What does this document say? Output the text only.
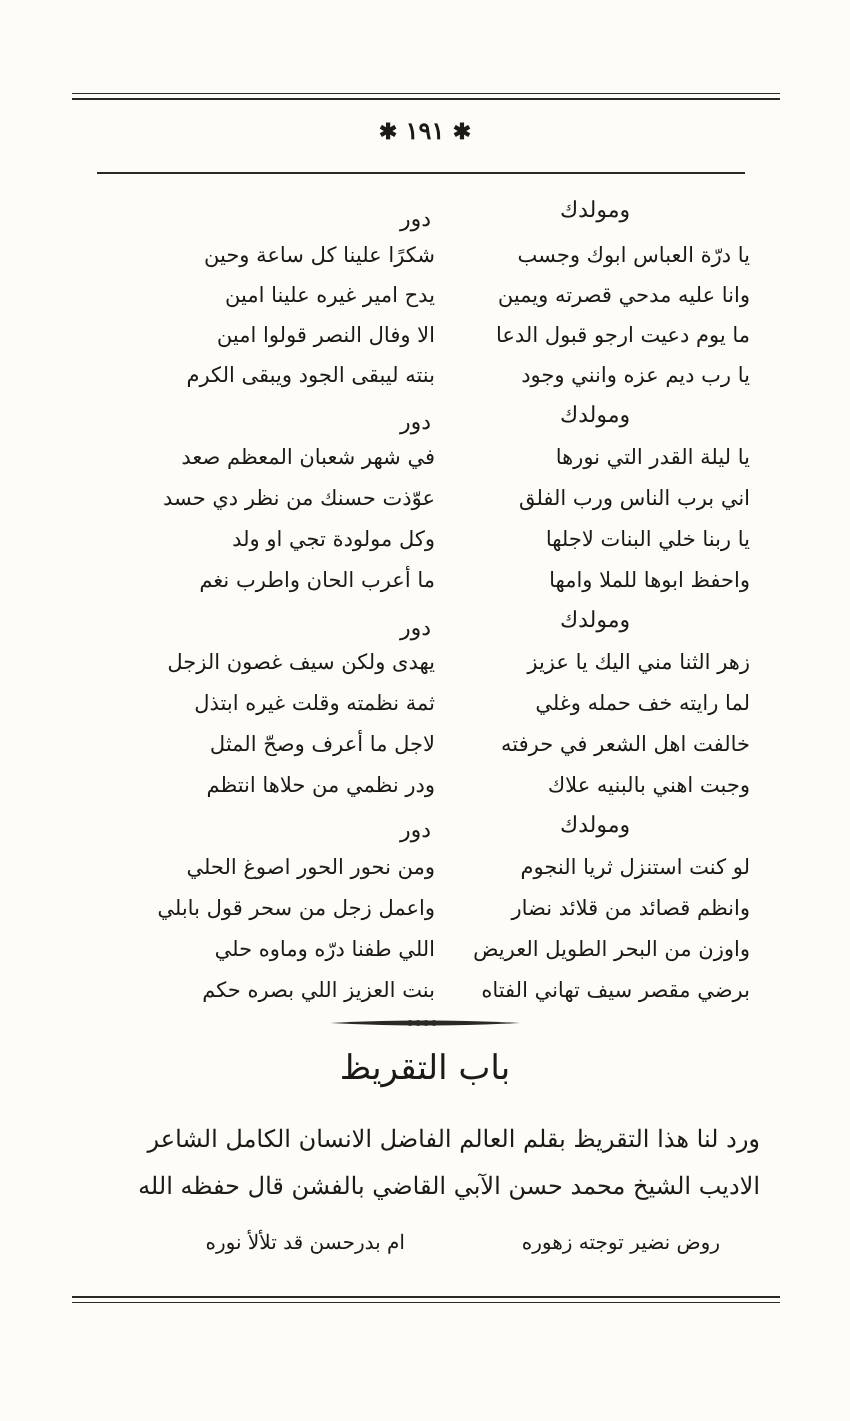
✱ ١٩١ ✱
ومولدك
دور
يا درّة العباس ابوك وجسب
شكرًا علينا كل ساعة وحين
وانا عليه مدحي قصرته ويمين
يدح امير غيره علينا امين
ما يوم دعيت ارجو قبول الدعا
الا وفال النصر قولوا امين
يا رب ديم عزه وانني وجود
بنته ليبقى الجود ويبقى الكرم
ومولدك
دور
يا ليلة القدر التي نورها
في شهر شعبان المعظم صعد
اني برب الناس ورب الفلق
عوّذت حسنك من نظر دي حسد
يا ربنا خلي البنات لاجلها
وكل مولودة تجي او ولد
واحفظ ابوها للملا وامها
ما أعرب الحان واطرب نغم
ومولدك
دور
زهر الثنا مني اليك يا عزيز
يهدى ولكن سيف غصون الزجل
لما رايته خف حمله وغلي
ثمة نظمته وقلت غيره ابتذل
خالفت اهل الشعر في حرفته
لاجل ما أعرف وصحّ المثل
وجبت اهني بالبنيه علاك
ودر نظمي من حلاها انتظم
ومولدك
دور
لو كنت استنزل ثريا النجوم
ومن نحور الحور اصوغ الحلي
وانظم قصائد من قلائد نضار
واعمل زجل من سحر قول بابلي
واوزن من البحر الطويل العريض
اللي طفنا درّه وماوه حلي
برضي مقصر سيف تهاني الفتاه
بنت العزيز اللي بصره حكم
باب التقريظ
ورد لنا هذا التقريظ بقلم العالم الفاضل الانسان الكامل الشاعر
الاديب الشيخ محمد حسن الآبي القاضي بالفشن قال حفظه الله
روض نضير توجته زهوره
ام بدرحسن قد تلألأ نوره
